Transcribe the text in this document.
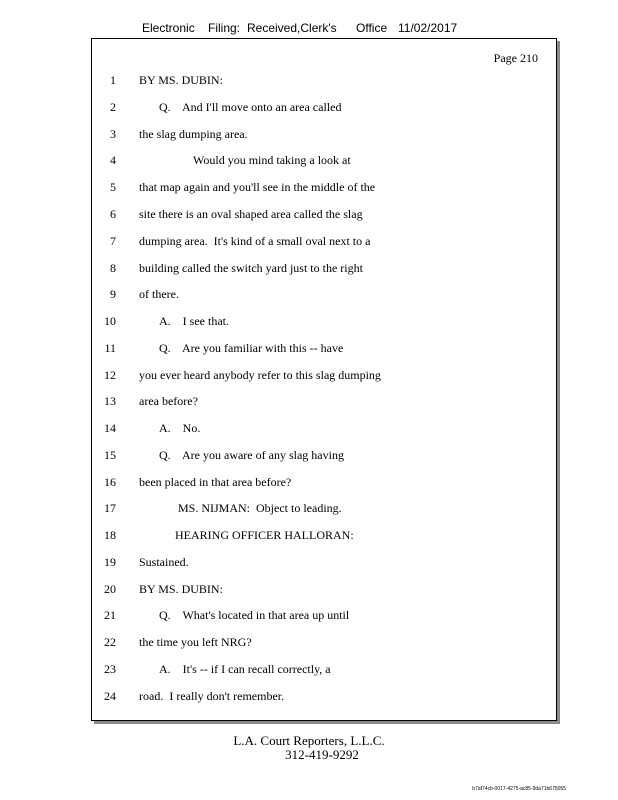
Electronic Filing: Received,Clerk's Office 11/02/2017
Page 210
1 BY MS. DUBIN:
2	Q.    And I'll move onto an area called
3 the slag dumping area.
4	Would you mind taking a look at
5 that map again and you'll see in the middle of the
6 site there is an oval shaped area called the slag
7 dumping area.  It's kind of a small oval next to a
8 building called the switch yard just to the right
9 of there.
10	A.    I see that.
11	Q.    Are you familiar with this -- have
12 you ever heard anybody refer to this slag dumping
13 area before?
14	A.    No.
15	Q.    Are you aware of any slag having
16 been placed in that area before?
17	MS. NIJMAN:  Object to leading.
18	HEARING OFFICER HALLORAN:
19 Sustained.
20 BY MS. DUBIN:
21	Q.    What's located in that area up until
22 the time you left NRG?
23	A.    It's -- if I can recall correctly, a
24 road.  I really don't remember.
L.A. Court Reporters, L.L.C.
312-419-9292
b7af74cb-0017-4275-ac85-9da71b675055
